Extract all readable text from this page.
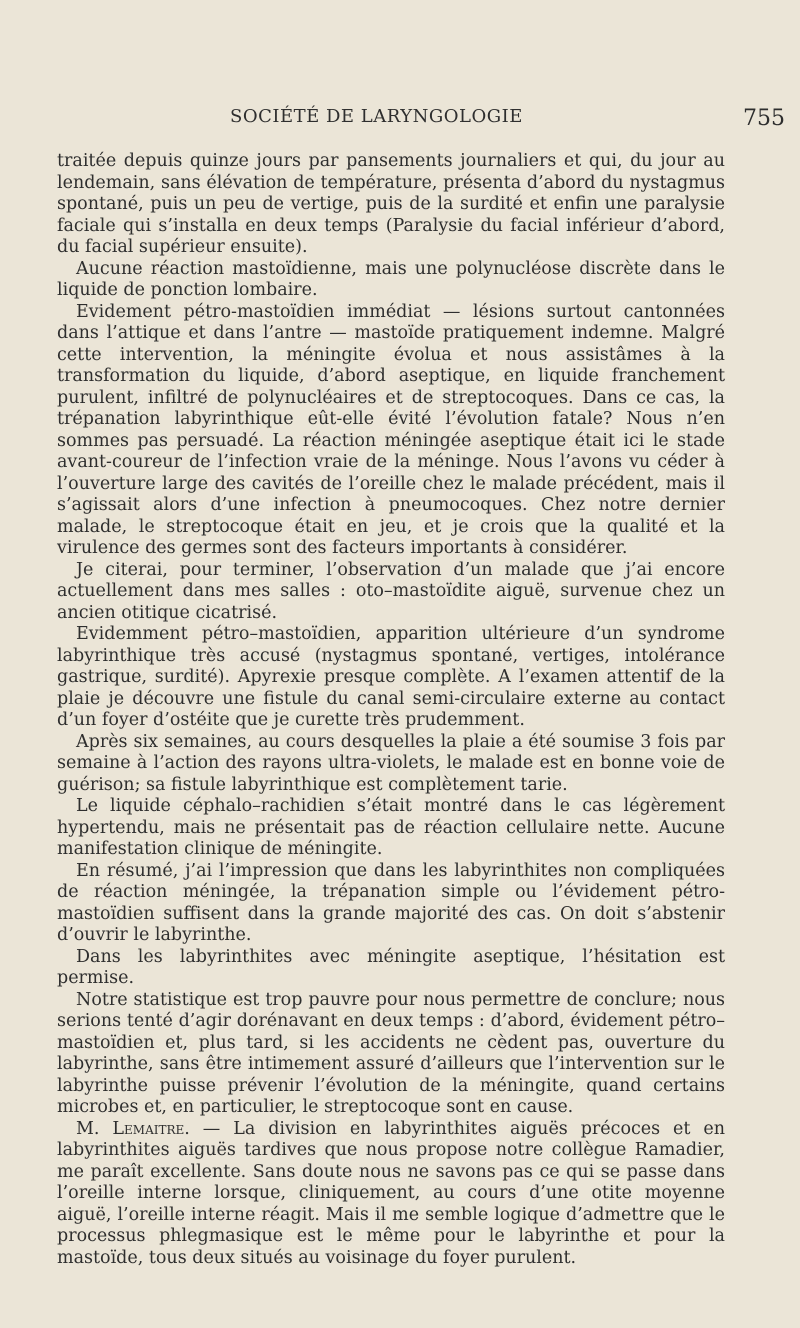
SOCIÉTÉ DE LARYNGOLOGIE	755

traitée depuis quinze jours par pansements journaliers et qui, du jour au lendemain, sans élévation de température, présenta d’abord du nystagmus spontané, puis un peu de vertige, puis de la surdité et enfin une paralysie faciale qui s’installa en deux temps (Paralysie du facial inférieur d’abord, du facial supérieur ensuite).

Aucune réaction mastoïdienne, mais une polynucléose discrète dans le liquide de ponction lombaire.

Evidement pétro-mastoïdien immédiat — lésions surtout cantonnées dans l’attique et dans l’antre — mastoïde pratiquement indemne. Malgré cette intervention, la méningite évolua et nous assistâmes à la transformation du liquide, d’abord aseptique, en liquide franchement purulent, infiltré de polynucléaires et de streptocoques. Dans ce cas, la trépanation labyrinthique eût-elle évité l’évolution fatale? Nous n’en sommes pas persuadé. La réaction méningée aseptique était ici le stade avant-coureur de l’infection vraie de la méninge. Nous l’avons vu céder à l’ouverture large des cavités de l’oreille chez le malade précédent, mais il s’agissait alors d’une infection à pneumocoques. Chez notre dernier malade, le streptocoque était en jeu, et je crois que la qualité et la virulence des germes sont des facteurs importants à considérer.

Je citerai, pour terminer, l’observation d’un malade que j’ai encore actuellement dans mes salles : oto–mastoïdite aiguë, survenue chez un ancien otitique cicatrisé.

Evidemment pétro–mastoïdien, apparition ultérieure d’un syndrome labyrinthique très accusé (nystagmus spontané, vertiges, intolérance gastrique, surdité). Apyrexie presque complète. A l’examen attentif de la plaie je découvre une fistule du canal semi-circulaire externe au contact d’un foyer d’ostéite que je curette très prudemment.

Après six semaines, au cours desquelles la plaie a été soumise 3 fois par semaine à l’action des rayons ultra-violets, le malade est en bonne voie de guérison; sa fistule labyrinthique est complètement tarie.

Le liquide céphalo–rachidien s’était montré dans le cas légèrement hypertendu, mais ne présentait pas de réaction cellulaire nette. Aucune manifestation clinique de méningite.

En résumé, j’ai l’impression que dans les labyrinthites non compliquées de réaction méningée, la trépanation simple ou l’évidement pétro-mastoïdien suffisent dans la grande majorité des cas. On doit s’abstenir d’ouvrir le labyrinthe.

Dans les labyrinthites avec méningite aseptique, l’hésitation est permise.

Notre statistique est trop pauvre pour nous permettre de conclure; nous serions tenté d’agir dorénavant en deux temps : d’abord, évidement pétro–mastoïdien et, plus tard, si les accidents ne cèdent pas, ouverture du labyrinthe, sans être intimement assuré d’ailleurs que l’intervention sur le labyrinthe puisse prévenir l’évolution de la méningite, quand certains microbes et, en particulier, le streptocoque sont en cause.

M. Lemaitre. — La division en labyrinthites aiguës précoces et en labyrinthites aiguës tardives que nous propose notre collègue Ramadier, me paraît excellente. Sans doute nous ne savons pas ce qui se passe dans l’oreille interne lorsque, cliniquement, au cours d’une otite moyenne aiguë, l’oreille interne réagit. Mais il me semble logique d’admettre que le processus phlegmasique est le même pour le labyrinthe et pour la mastoïde, tous deux situés au voisinage du foyer purulent.
